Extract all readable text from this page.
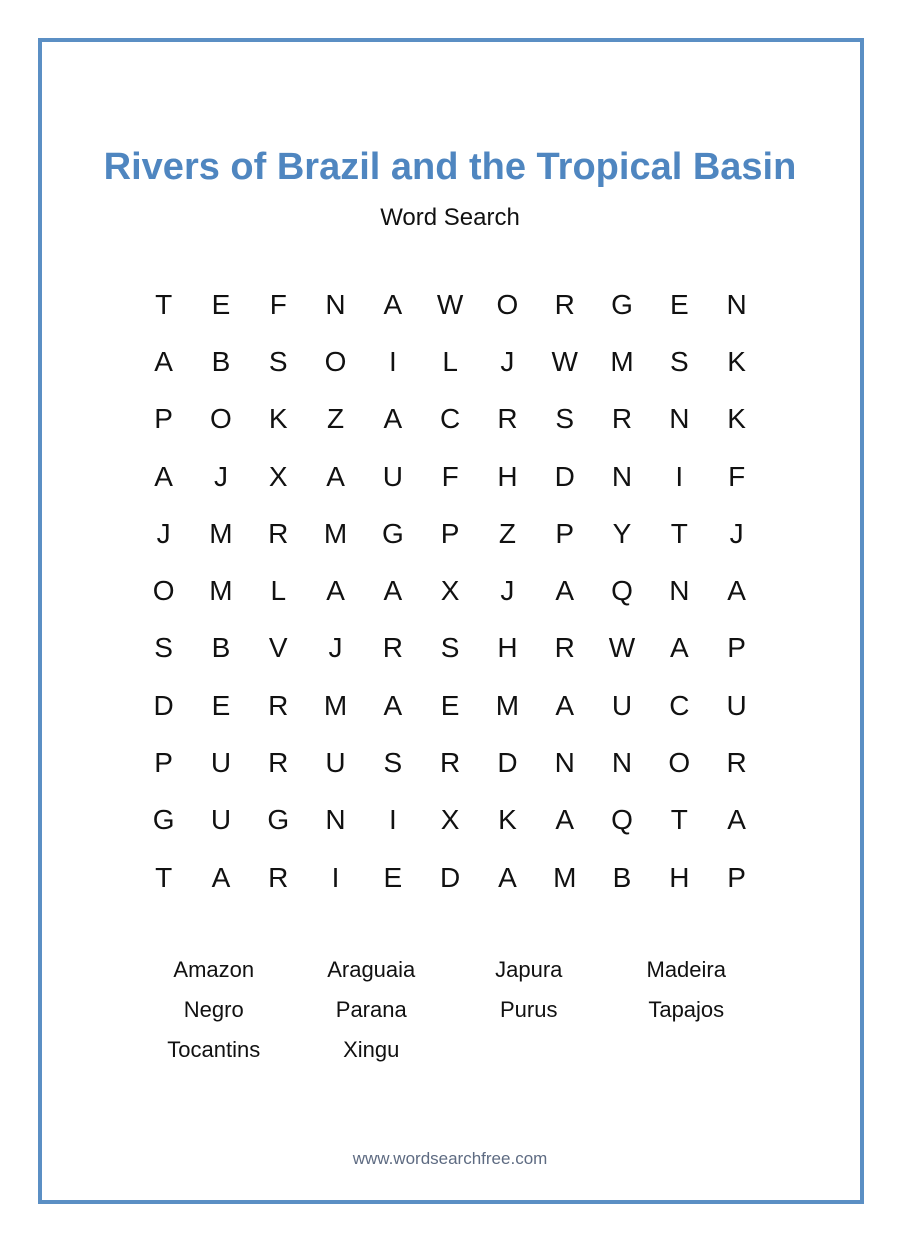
Rivers of Brazil and the Tropical Basin
Word Search
T	E	F	N	A	W	O	R	G	E	N
A	B	S	O	I	L	J	W	M	S	K
P	O	K	Z	A	C	R	S	R	N	K
A	J	X	A	U	F	H	D	N	I	F
J	M	R	M	G	P	Z	P	Y	T	J
O	M	L	A	A	X	J	A	Q	N	A
S	B	V	J	R	S	H	R	W	A	P
D	E	R	M	A	E	M	A	U	C	U
P	U	R	U	S	R	D	N	N	O	R
G	U	G	N	I	X	K	A	Q	T	A
T	A	R	I	E	D	A	M	B	H	P
Amazon	Araguaia	Japura	Madeira
Negro	Parana	Purus	Tapajos
Tocantins	Xingu
www.wordsearchfree.com
